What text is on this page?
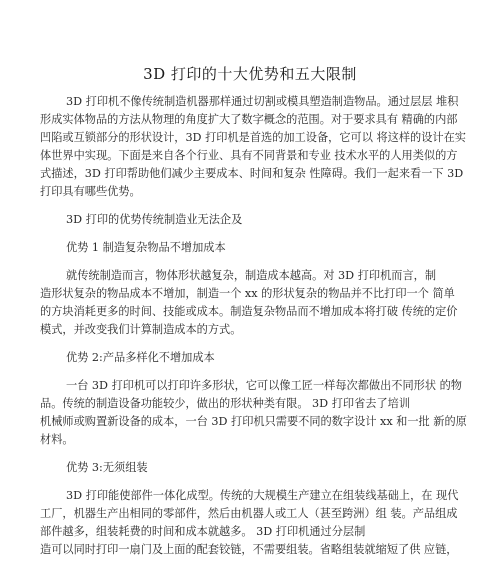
3D 打印的十大优势和五大限制
3D 打印机不像传统制造机器那样通过切割或模具塑造制造物品。通过层层 堆积
形成实体物品的方法从物理的角度扩大了数字概念的范围。对于要求具有 精确的内部
凹陷或互锁部分的形状设计，3D 打印机是首选的加工设备，它可以 将这样的设计在实
体世界中实现。下面是来自各个行业、具有不同背景和专业 技术水平的人用类似的方
式描述，3D 打印帮助他们减少主要成本、时间和复杂 性障碍。我们一起来看一下 3D
打印具有哪些优势。
3D 打印的优势传统制造业无法企及
优势 1 制造复杂物品不增加成本
就传统制造而言，物体形状越复杂，制造成本越高。对 3D 打印机而言，制
造形状复杂的物品成本不增加，制造一个 xx 的形状复杂的物品并不比打印一个 简单
的方块消耗更多的时间、技能或成本。制造复杂物品而不增加成本将打破 传统的定价
模式，并改变我们计算制造成本的方式。
优势 2:产品多样化不增加成本
一台 3D 打印机可以打印许多形状，它可以像工匠一样每次都做出不同形状 的物
品。传统的制造设备功能较少，做出的形状种类有限。 3D 打印省去了培训
机械师或购置新设备的成本，一台 3D 打印机只需要不同的数字设计 xx 和一批 新的原
材料。
优势 3:无须组装
3D 打印能使部件一体化成型。传统的大规模生产建立在组装线基础上，在 现代
工厂，机器生产出相同的零部件，然后由机器人或工人（甚至跨洲）组 装。产品组成
部件越多，组装耗费的时间和成本就越多。 3D 打印机通过分层制
造可以同时打印一扇门及上面的配套铰链，不需要组装。省略组装就缩短了供 应链，
